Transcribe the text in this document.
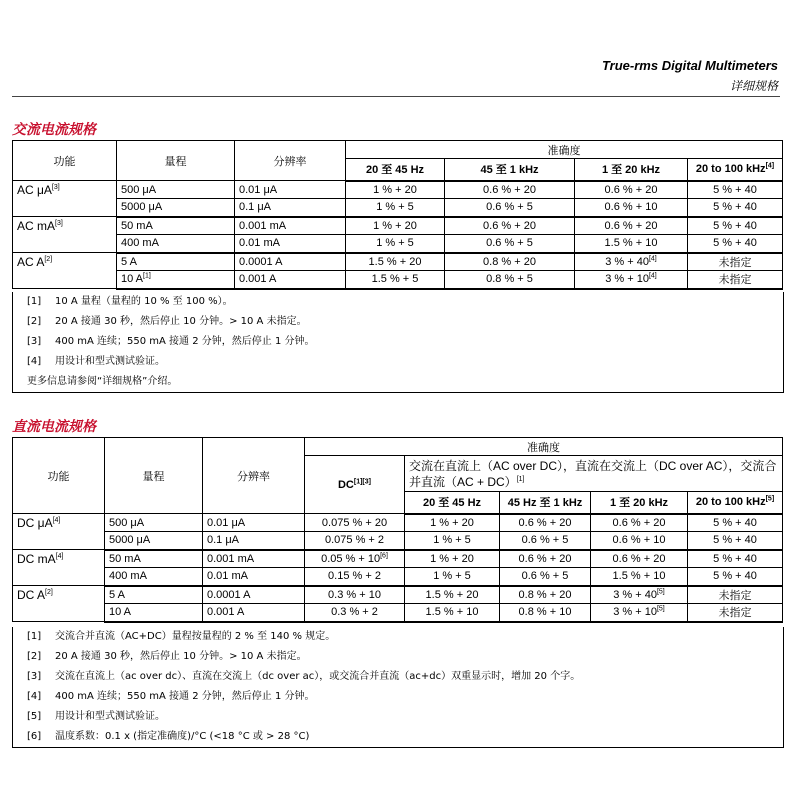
True-rms Digital Multimeters
详细规格
交流电流规格
功能	量程	分辨率	准确度			
			20 至 45 Hz	45 至 1 kHz	1 至 20 kHz	20 to 100 kHz[4]
AC μA[3]	500 μA	0.01 μA	1 % + 20	0.6 % + 20	0.6 % + 20	5 % + 40
	5000 μA	0.1 μA	1 % + 5	0.6 % + 5	0.6 % + 10	5 % + 40
AC mA[3]	50 mA	0.001 mA	1 % + 20	0.6 % + 20	0.6 % + 20	5 % + 40
	400 mA	0.01 mA	1 % + 5	0.6 % + 5	1.5 % + 10	5 % + 40
AC A[2]	5 A	0.0001 A	1.5 % + 20	0.8 % + 20	3 % + 40[4]	未指定
	10 A[1]	0.001 A	1.5 % + 5	0.8 % + 5	3 % + 10[4]	未指定
[1]	10 A 量程（量程的 10 % 至 100 %）。
[2]	20 A 接通 30 秒，然后停止 10 分钟。> 10 A 未指定。
[3]	400 mA 连续；550 mA 接通 2 分钟，然后停止 1 分钟。
[4]	用设计和型式测试验证。
更多信息请参阅“详细规格”介绍。
直流电流规格
功能	量程	分辨率	准确度				
			DC[1][3]	交流在直流上（AC over DC），直流在交流上（DC over AC），交流合并直流（AC + DC）[1]
				20 至 45 Hz	45 Hz 至 1 kHz	1 至 20 kHz	20 to 100 kHz[5]
DC μA[4]	500 μA	0.01 μA	0.075 % + 20	1 % + 20	0.6 % + 20	0.6 % + 20	5 % + 40
	5000 μA	0.1 μA	0.075 % + 2	1 % + 5	0.6 % + 5	0.6 % + 10	5 % + 40
DC mA[4]	50 mA	0.001 mA	0.05 % + 10[6]	1 % + 20	0.6 % + 20	0.6 % + 20	5 % + 40
	400 mA	0.01 mA	0.15 % + 2	1 % + 5	0.6 % + 5	1.5 % + 10	5 % + 40
DC A[2]	5 A	0.0001 A	0.3 % + 10	1.5 % + 20	0.8 % + 20	3 % + 40[5]	未指定
	10 A	0.001 A	0.3 % + 2	1.5 % + 10	0.8 % + 10	3 % + 10[5]	未指定
[1]	交流合并直流（AC+DC）量程按量程的 2 % 至 140 % 规定。
[2]	20 A 接通 30 秒，然后停止 10 分钟。> 10 A 未指定。
[3]	交流在直流上（ac over dc）、直流在交流上（dc over ac），或交流合并直流（ac+dc）双重显示时，增加 20 个字。
[4]	400 mA 连续；550 mA 接通 2 分钟，然后停止 1 分钟。
[5]	用设计和型式测试验证。
[6]	温度系数：0.1 x (指定准确度)/°C (<18 °C 或 > 28 °C)
